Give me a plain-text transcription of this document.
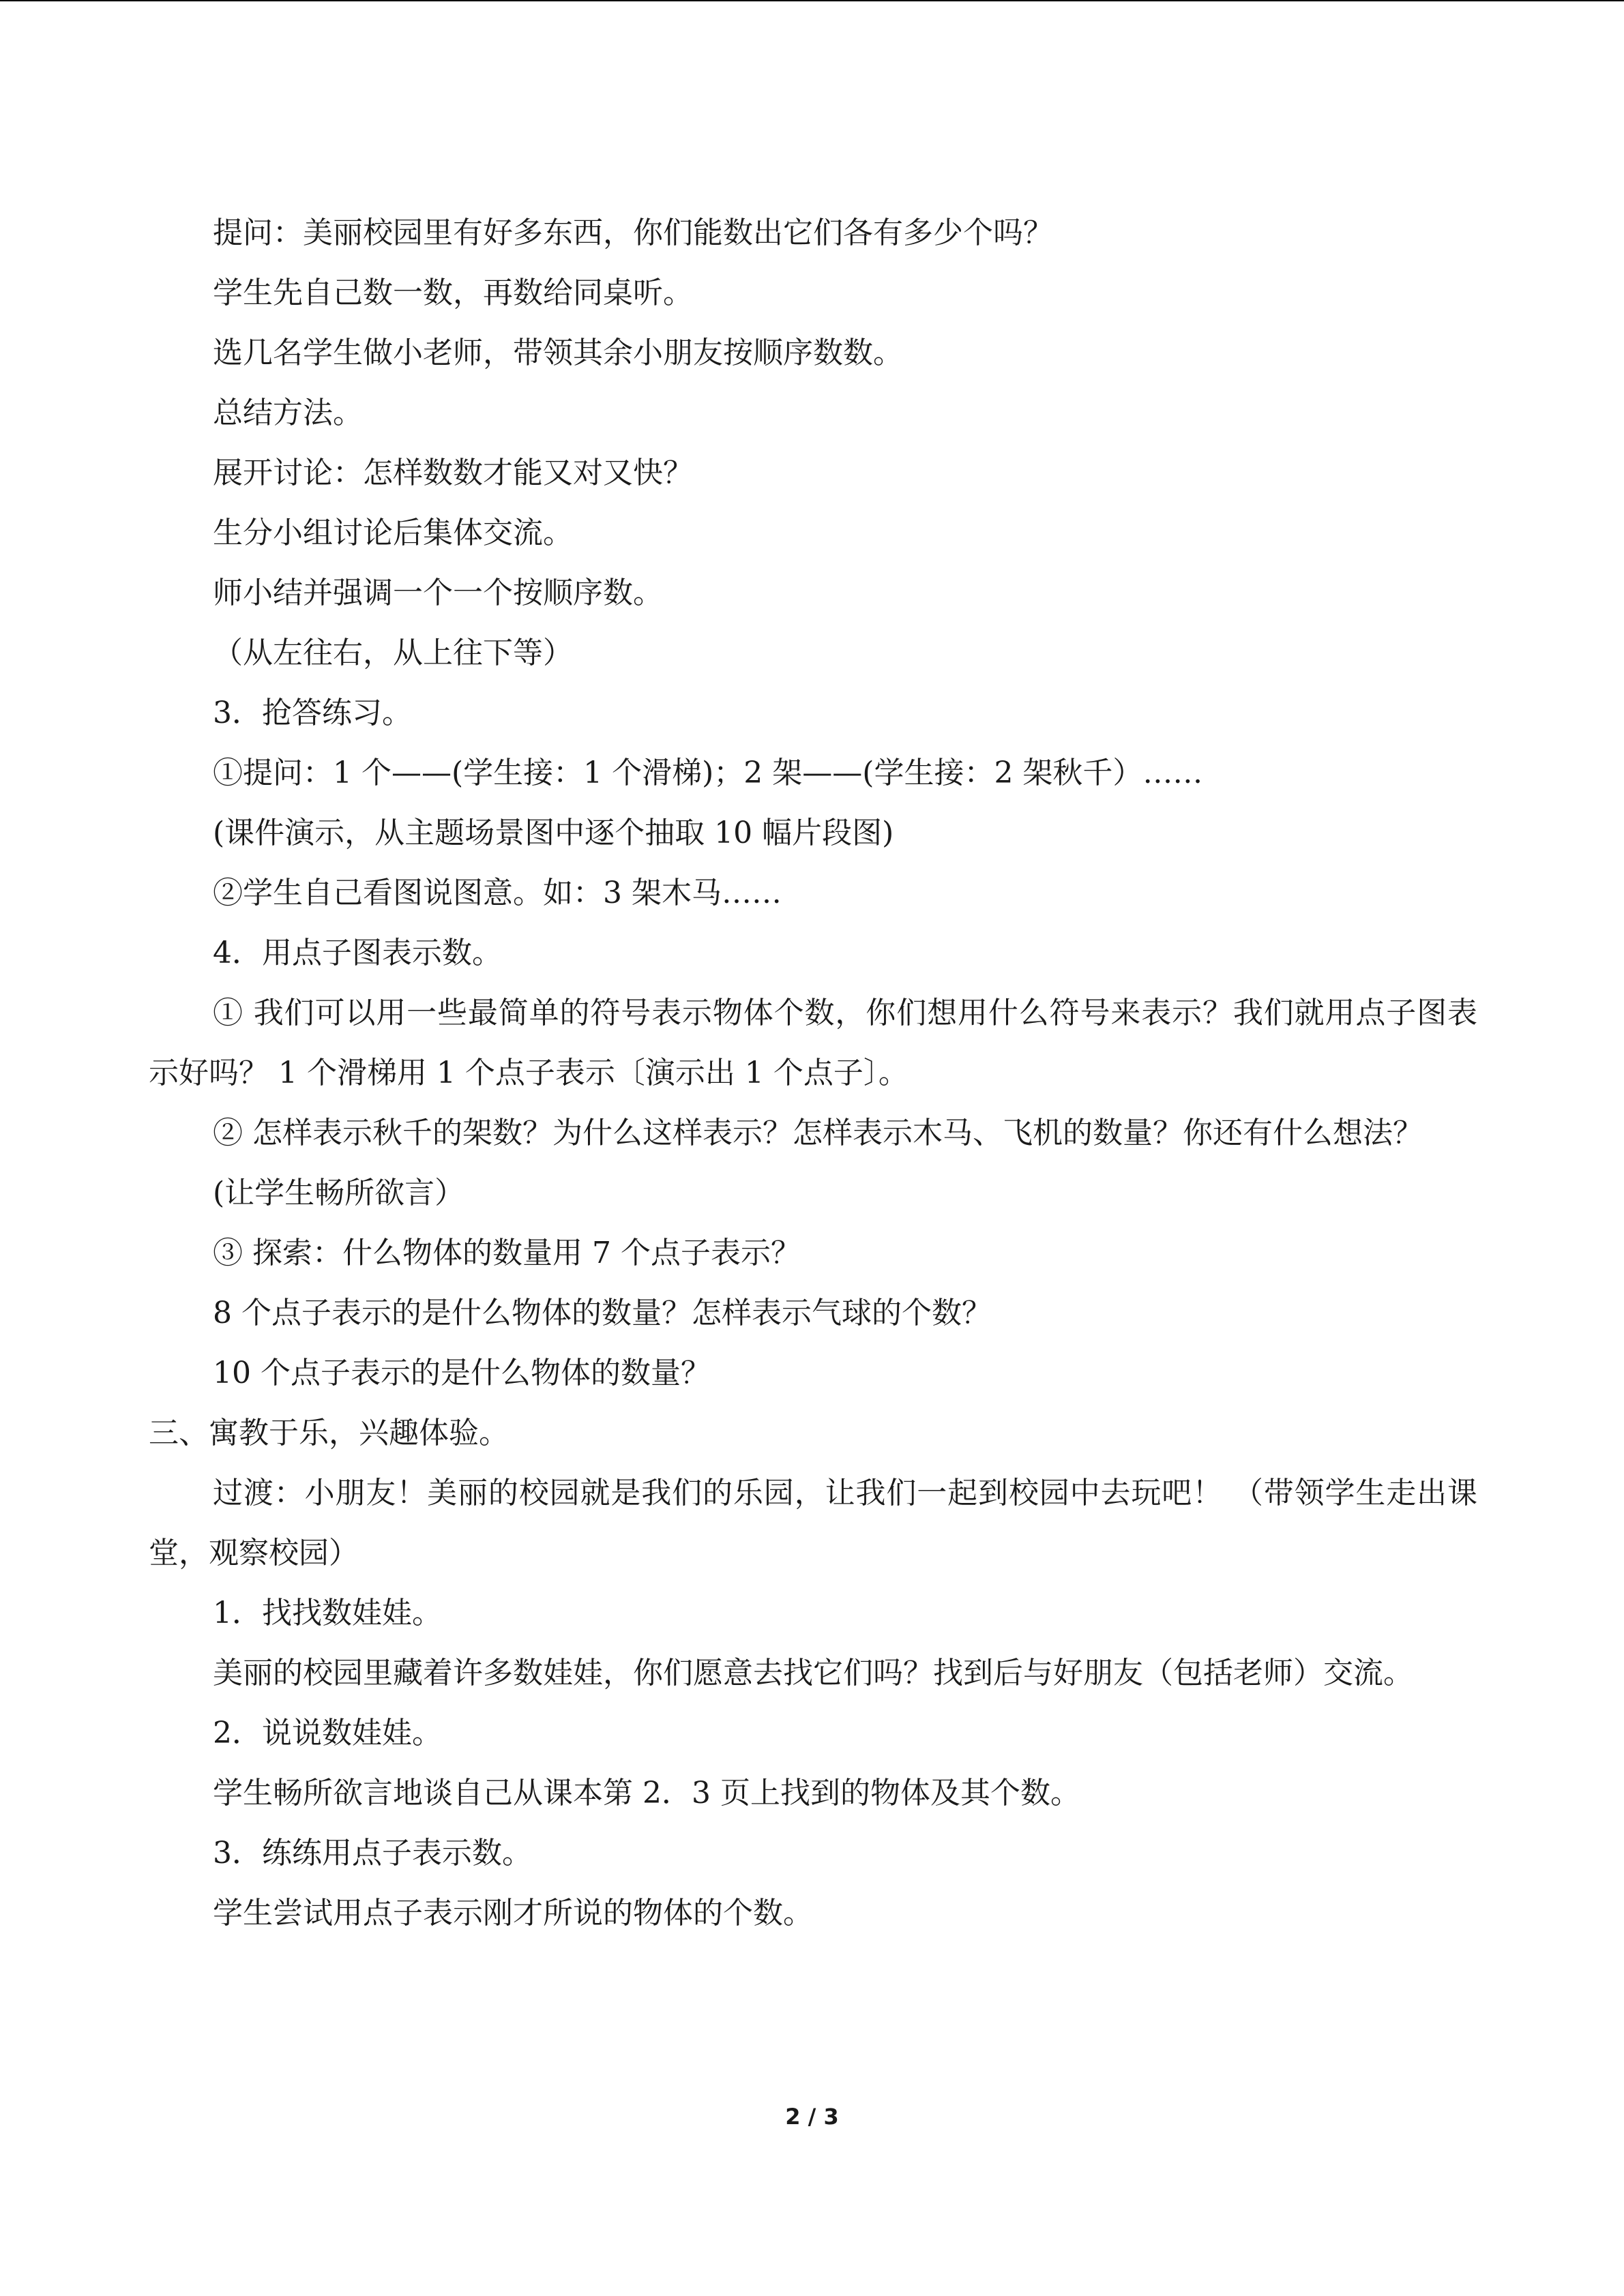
提问：美丽校园里有好多东西，你们能数出它们各有多少个吗？

学生先自己数一数，再数给同桌听。

选几名学生做小老师，带领其余小朋友按顺序数数。

总结方法。

展开讨论：怎样数数才能又对又快？

生分小组讨论后集体交流。

师小结并强调一个一个按顺序数。

（从左往右，从上往下等）

3．抢答练习。

①提问：1 个——(学生接：1 个滑梯)；2 架——(学生接：2 架秋千）……

(课件演示，从主题场景图中逐个抽取 10 幅片段图)

②学生自己看图说图意。如：3 架木马……

4．用点子图表示数。

① 我们可以用一些最简单的符号表示物体个数，你们想用什么符号来表示？我们就用点子图表示好吗？ 1 个滑梯用 1 个点子表示〔演示出 1 个点子〕。

② 怎样表示秋千的架数？为什么这样表示？怎样表示木马、飞机的数量？你还有什么想法？

(让学生畅所欲言）

③ 探索：什么物体的数量用 7 个点子表示？

8 个点子表示的是什么物体的数量？怎样表示气球的个数？

10 个点子表示的是什么物体的数量？

三、寓教于乐，兴趣体验。

过渡：小朋友！美丽的校园就是我们的乐园，让我们一起到校园中去玩吧！ （带领学生走出课堂，观察校园）

1．找找数娃娃。

美丽的校园里藏着许多数娃娃，你们愿意去找它们吗？找到后与好朋友（包括老师）交流。

2．说说数娃娃。

学生畅所欲言地谈自己从课本第 2．3 页上找到的物体及其个数。

3．练练用点子表示数。

学生尝试用点子表示刚才所说的物体的个数。

2 / 3
